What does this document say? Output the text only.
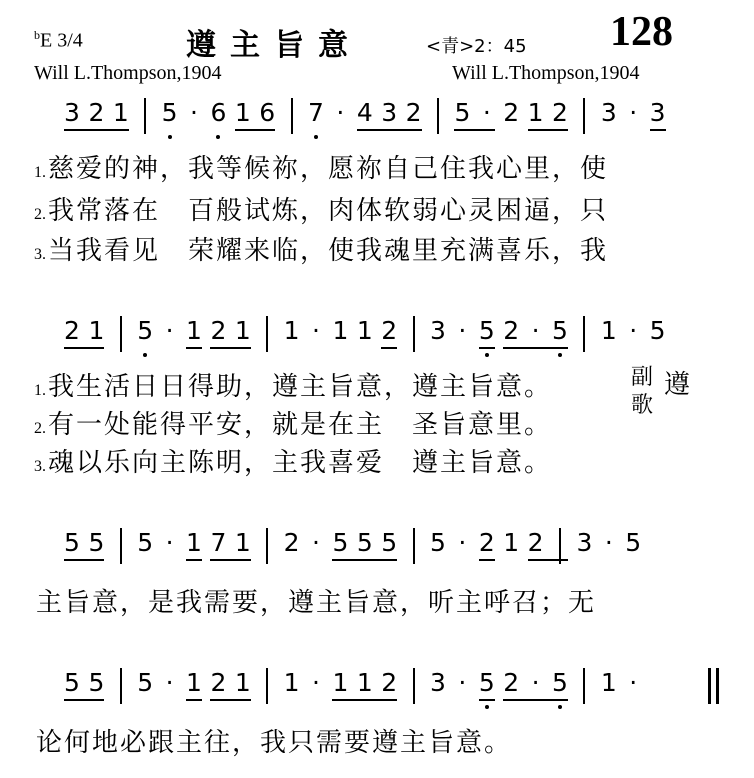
$^b$E 3/4	遵主旨意	<青>2：45 128
Will L.Thompson,1904	Will L.Thompson,1904
3 2 1 5 · 6 1 6 7 · 4 3 2 5 · 2 1 2 3 · 3
1.慈爱的神，我等候祢，愿祢自己住我心里，使
2.我常落在　百般试炼，肉体软弱心灵困逼，只
3.当我看见　荣耀来临，使我魂里充满喜乐，我
2 1 5 · 1 2 1 1 · 1 1 2 3 · 5 2 · 5 1 · 5
1.我生活日日得助，遵主旨意，遵主旨意。
2.有一处能得平安，就是在主　圣旨意里。
3.魂以乐向主陈明，主我喜爱　遵主旨意。
副歌
遵
5 5 5 · 1 7 1 2 · 5 5 5 5 · 2 1 2 3 · 5
主旨意，是我需要，遵主旨意，听主呼召；无
5 5 5 · 1 2 1 1 · 1 1 2 3 · 5 2 · 5 1 ·
论何地必跟主往，我只需要遵主旨意。
